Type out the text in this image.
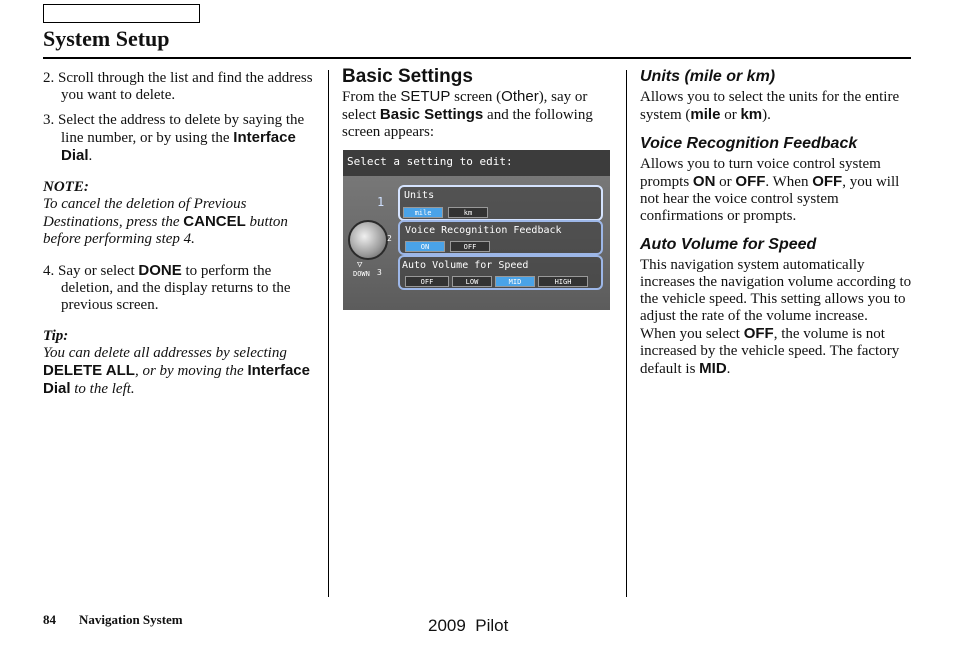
System Setup

2. Scroll through the list and find the address you want to delete.

3. Select the address to delete by saying the line number, or by using the Interface Dial.

NOTE:

To cancel the deletion of Previous Destinations, press the CANCEL button before performing step 4.

4. Say or select DONE to perform the deletion, and the display returns to the previous screen.

Tip:

You can delete all addresses by selecting DELETE ALL, or by moving the Interface Dial to the left.

Basic Settings

From the SETUP screen (Other), say or select Basic Settings and the following screen appears:

Select a setting to edit:
1
2
▽
DOWN 3
Units
mile	km
Voice Recognition Feedback
ON	OFF
Auto Volume for Speed
OFF	LOW	MID	HIGH

Units (mile or km)

Allows you to select the units for the entire system (mile or km).

Voice Recognition Feedback

Allows you to turn voice control system prompts ON or OFF. When OFF, you will not hear the voice control system confirmations or prompts.

Auto Volume for Speed

This navigation system automatically increases the navigation volume according to the vehicle speed. This setting allows you to adjust the rate of the volume increase.

When you select OFF, the volume is not increased by the vehicle speed. The factory default is MID.

84 Navigation System	2009  Pilot
